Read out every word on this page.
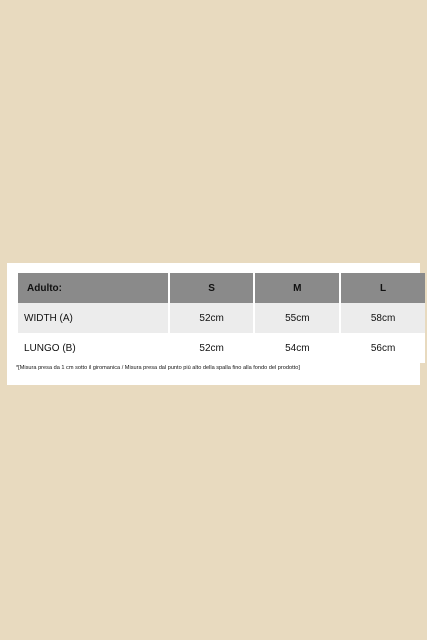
Adulto:	S	M	L
WIDTH (A)	52cm	55cm	58cm
LUNGO (B)	52cm	54cm	56cm
*[Misura presa da 1 cm sotto il giromanica / Misura presa dal punto più alto della spalla fino alla fondo del prodotto]
